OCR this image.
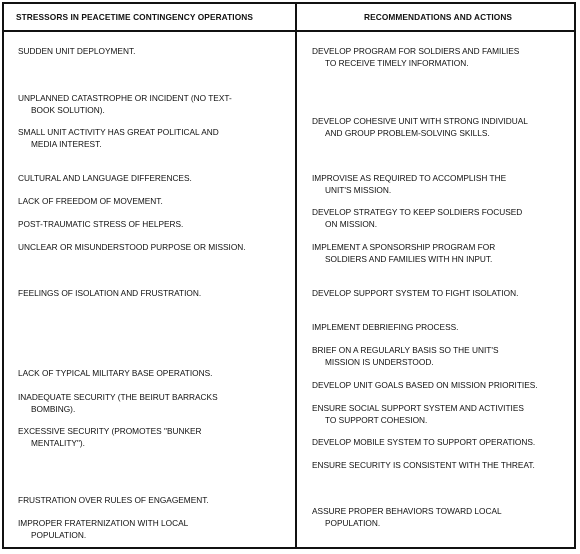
STRESSORS IN PEACETIME CONTINGENCY OPERATIONS	RECOMMENDATIONS AND ACTIONS
SUDDEN UNIT DEPLOYMENT.
UNPLANNED CATASTROPHE OR INCIDENT (NO TEXT-
BOOK SOLUTION).
SMALL UNIT ACTIVITY HAS GREAT POLITICAL AND
MEDIA INTEREST.
CULTURAL AND LANGUAGE DIFFERENCES.
LACK OF FREEDOM OF MOVEMENT.
POST-TRAUMATIC STRESS OF HELPERS.
UNCLEAR OR MISUNDERSTOOD PURPOSE OR MISSION.
FEELINGS OF ISOLATION AND FRUSTRATION.
LACK OF TYPICAL MILITARY BASE OPERATIONS.
INADEQUATE SECURITY (THE BEIRUT BARRACKS
BOMBING).
EXCESSIVE SECURITY (PROMOTES "BUNKER
MENTALITY").
FRUSTRATION OVER RULES OF ENGAGEMENT.
IMPROPER FRATERNIZATION WITH LOCAL
POPULATION.
DEVELOP PROGRAM FOR SOLDIERS AND FAMILIES
TO RECEIVE TIMELY INFORMATION.
DEVELOP COHESIVE UNIT WITH STRONG INDIVIDUAL
AND GROUP PROBLEM-SOLVING SKILLS.
IMPROVISE AS REQUIRED TO ACCOMPLISH THE
UNIT'S MISSION.
DEVELOP STRATEGY TO KEEP SOLDIERS FOCUSED
ON MISSION.
IMPLEMENT A SPONSORSHIP PROGRAM FOR
SOLDIERS AND FAMILIES WITH HN INPUT.
DEVELOP SUPPORT SYSTEM TO FIGHT ISOLATION.
IMPLEMENT DEBRIEFING PROCESS.
BRIEF ON A REGULARLY BASIS SO THE UNIT'S
MISSION IS UNDERSTOOD.
DEVELOP UNIT GOALS BASED ON MISSION PRIORITIES.
ENSURE SOCIAL SUPPORT SYSTEM AND ACTIVITIES
TO SUPPORT COHESION.
DEVELOP MOBILE SYSTEM TO SUPPORT OPERATIONS.
ENSURE SECURITY IS CONSISTENT WITH THE THREAT.
ASSURE PROPER BEHAVIORS TOWARD LOCAL
POPULATION.
